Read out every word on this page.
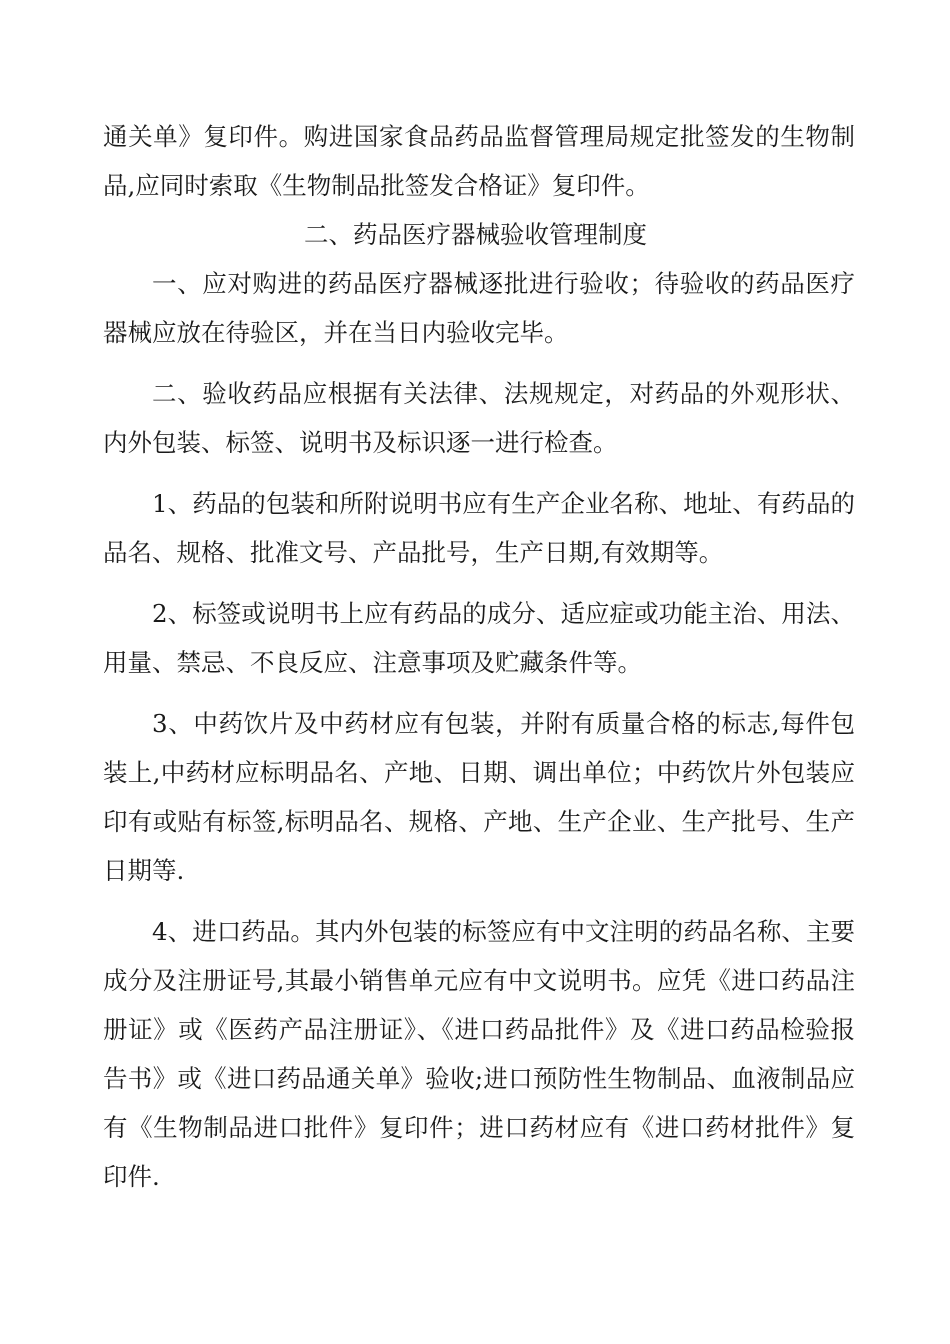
通关单》复印件。购进国家食品药品监督管理局规定批签发的生物制品,应同时索取《生物制品批签发合格证》复印件。

二、药品医疗器械验收管理制度

一、应对购进的药品医疗器械逐批进行验收；待验收的药品医疗器械应放在待验区，并在当日内验收完毕。

二、验收药品应根据有关法律、法规规定，对药品的外观形状、内外包装、标签、说明书及标识逐一进行检查。

1、药品的包装和所附说明书应有生产企业名称、地址、有药品的品名、规格、批准文号、产品批号，生产日期,有效期等。

2、标签或说明书上应有药品的成分、适应症或功能主治、用法、用量、禁忌、不良反应、注意事项及贮藏条件等。

3、中药饮片及中药材应有包装，并附有质量合格的标志,每件包装上,中药材应标明品名、产地、日期、调出单位；中药饮片外包装应印有或贴有标签,标明品名、规格、产地、生产企业、生产批号、生产日期等.

4、进口药品。其内外包装的标签应有中文注明的药品名称、主要成分及注册证号,其最小销售单元应有中文说明书。应凭《进口药品注册证》或《医药产品注册证》、《进口药品批件》及《进口药品检验报告书》或《进口药品通关单》验收;进口预防性生物制品、血液制品应有《生物制品进口批件》复印件；进口药材应有《进口药材批件》复印件.
